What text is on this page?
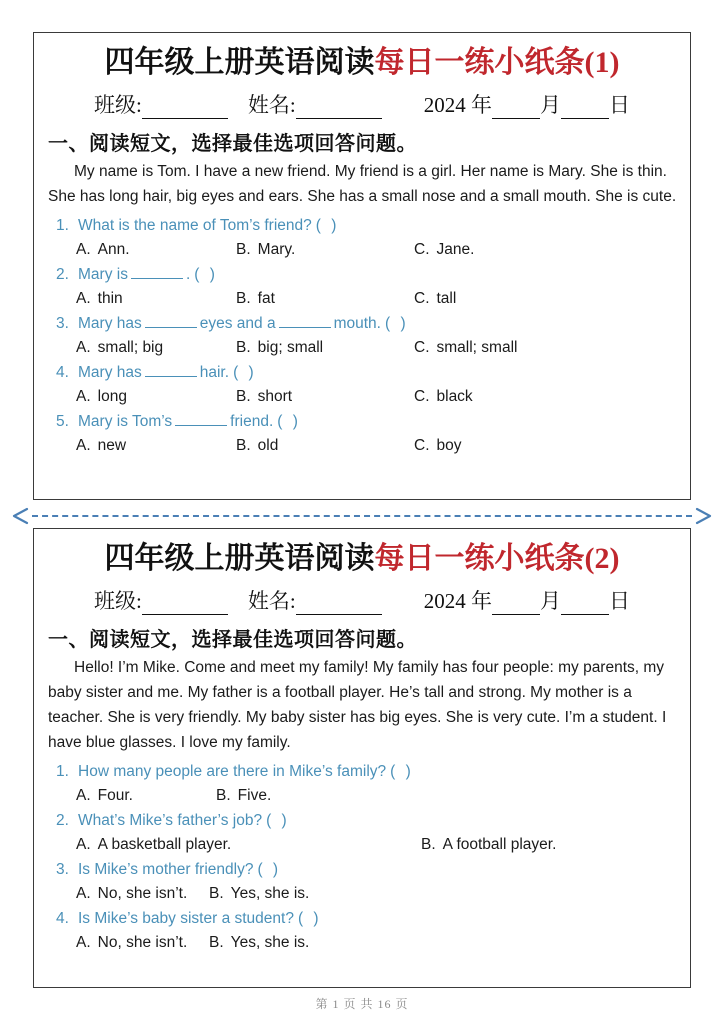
四年级上册英语阅读每日一练小纸条(1)
班级:	姓名:	2024 年 月 日
一、阅读短文，选择最佳选项回答问题。
My name is Tom. I have a new friend. My friend is a girl. Her name is Mary. She is thin. She has long hair, big eyes and ears. She has a small nose and a small mouth. She is cute.
1. What is the name of Tom’s friend? ( )
A. Ann.	B. Mary.	C. Jane.
2. Mary is	. ( )
A. thin	B. fat	C. tall
3. Mary has	eyes and a	mouth. ( )
A. small; big	B. big; small	C. small; small
4. Mary has	hair. ( )
A. long	B. short	C. black
5. Mary is Tom’s	friend. ( )
A. new	B. old	C. boy
四年级上册英语阅读每日一练小纸条(2)
班级:	姓名:	2024 年 月 日
一、阅读短文，选择最佳选项回答问题。
Hello! I’m Mike. Come and meet my family! My family has four people: my parents, my baby sister and me. My father is a football player. He’s tall and strong. My mother is a teacher. She is very friendly. My baby sister has big eyes. She is very cute. I’m a student. I have blue glasses. I love my family.
1. How many people are there in Mike’s family? ( )
A. Four.	B. Five.
2. What’s Mike’s father’s job? ( )
A. A basketball player.	B. A football player.
3. Is Mike’s mother friendly? ( )
A. No, she isn’t.	B. Yes, she is.
4. Is Mike’s baby sister a student? ( )
A. No, she isn’t.	B. Yes, she is.
第 1 页 共 16 页
